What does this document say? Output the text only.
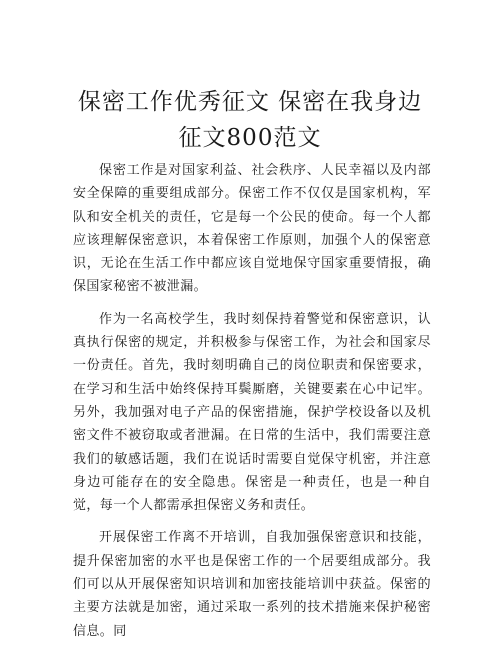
保密工作优秀征文 保密在我身边
征文800范文

保密工作是对国家利益、社会秩序、人民幸福以及内部安全保障的重要组成部分。保密工作不仅仅是国家机构，军队和安全机关的责任，它是每一个公民的使命。每一个人都应该理解保密意识，本着保密工作原则，加强个人的保密意识，无论在生活工作中都应该自觉地保守国家重要情报，确保国家秘密不被泄漏。

作为一名高校学生，我时刻保持着警觉和保密意识，认真执行保密的规定，并积极参与保密工作，为社会和国家尽一份责任。首先，我时刻明确自己的岗位职责和保密要求，在学习和生活中始终保持耳鬓厮磨，关键要素在心中记牢。另外，我加强对电子产品的保密措施，保护学校设备以及机密文件不被窃取或者泄漏。在日常的生活中，我们需要注意我们的敏感话题，我们在说话时需要自觉保守机密，并注意身边可能存在的安全隐患。保密是一种责任，也是一种自觉，每一个人都需承担保密义务和责任。

开展保密工作离不开培训，自我加强保密意识和技能，提升保密加密的水平也是保密工作的一个居要组成部分。我们可以从开展保密知识培训和加密技能培训中获益。保密的主要方法就是加密，通过采取一系列的技术措施来保护秘密信息。同
